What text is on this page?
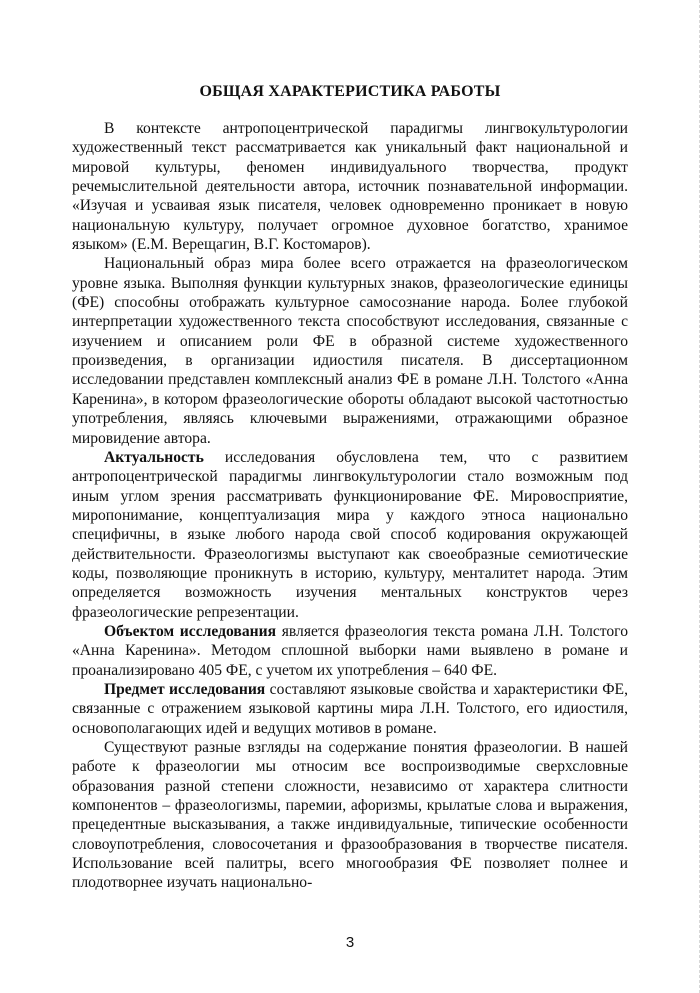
ОБЩАЯ ХАРАКТЕРИСТИКА РАБОТЫ

В контексте антропоцентрической парадигмы лингвокультурологии художественный текст рассматривается как уникальный факт национальной и мировой культуры, феномен индивидуального творчества, продукт речемыслительной деятельности автора, источник познавательной информации. «Изучая и усваивая язык писателя, человек одновременно проникает в новую национальную культуру, получает огромное духовное богатство, хранимое языком» (Е.М. Верещагин, В.Г. Костомаров).

Национальный образ мира более всего отражается на фразеологическом уровне языка. Выполняя функции культурных знаков, фразеологические единицы (ФЕ) способны отображать культурное самосознание народа. Более глубокой интерпретации художественного текста способствуют исследования, связанные с изучением и описанием роли ФЕ в образной системе художественного произведения, в организации идиостиля писателя. В диссертационном исследовании представлен комплексный анализ ФЕ в романе Л.Н. Толстого «Анна Каренина», в котором фразеологические обороты обладают высокой частотностью употребления, являясь ключевыми выражениями, отражающими образное мировидение автора.

Актуальность исследования обусловлена тем, что с развитием антропоцентрической парадигмы лингвокультурологии стало возможным под иным углом зрения рассматривать функционирование ФЕ. Мировосприятие, миропонимание, концептуализация мира у каждого этноса национально специфичны, в языке любого народа свой способ кодирования окружающей действительности. Фразеологизмы выступают как своеобразные семиотические коды, позволяющие проникнуть в историю, культуру, менталитет народа. Этим определяется возможность изучения ментальных конструктов через фразеологические репрезентации.

Объектом исследования является фразеология текста романа Л.Н. Толстого «Анна Каренина». Методом сплошной выборки нами выявлено в романе и проанализировано 405 ФЕ, с учетом их употребления – 640 ФЕ.

Предмет исследования составляют языковые свойства и характеристики ФЕ, связанные с отражением языковой картины мира Л.Н. Толстого, его идиостиля, основополагающих идей и ведущих мотивов в романе.

Существуют разные взгляды на содержание понятия фразеологии. В нашей работе к фразеологии мы относим все воспроизводимые сверхсловные образования разной степени сложности, независимо от характера слитности компонентов – фразеологизмы, паремии, афоризмы, крылатые слова и выражения, прецедентные высказывания, а также индивидуальные, типические особенности словоупотребления, словосочетания и фразообразования в творчестве писателя. Использование всей палитры, всего многообразия ФЕ позволяет полнее и плодотворнее изучать национально-

3
